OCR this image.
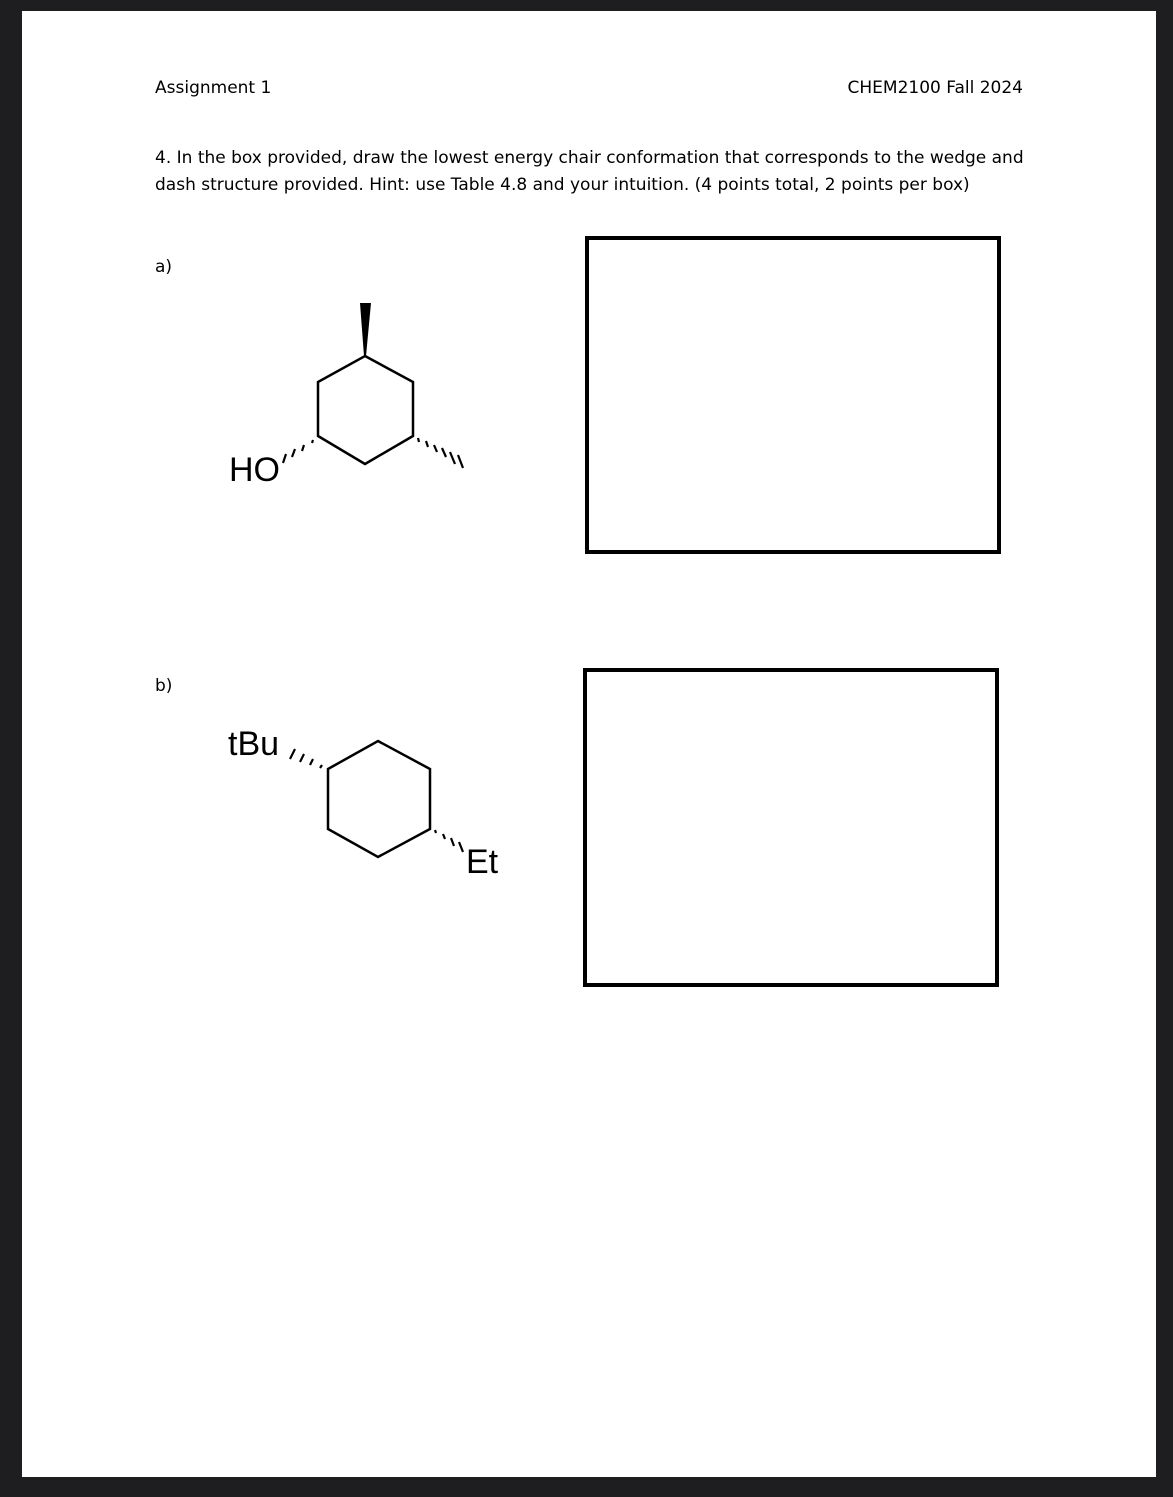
Assignment 1	CHEM2100 Fall 2024
4. In the box provided, draw the lowest energy chair conformation that corresponds to the wedge and dash structure provided. Hint: use Table 4.8 and your intuition. (4 points total, 2 points per box)
a)
b)
HO
tBu
Et
